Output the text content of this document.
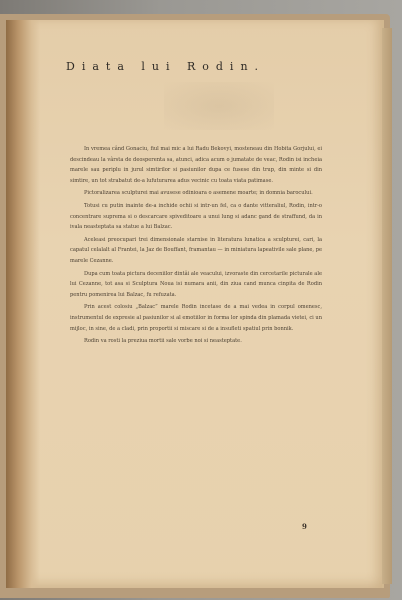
Diata lui Rodin.

In vremea când Gonaciu, fiul mai mic a lui Radu Bekovyi, mosteneau din Hobita Gorjului, ei descindeau la vârsta de deosperenta sa, atunci, adica acum o jumatate de veac, Rodin isi incheia marele sau periplu in jurul simtirilor si pasiunilor dupa ce fusese din trup, din minte si din simtire, un tot strabatut de-a lufuturarea adus vecinic cu toata viata patimase.

Pictoralizarea sculpturei mai avusese odinioara o asemene moarte; in domnia barocului.

Totusi cu putin inainte de-a inchide ochii si intr-un fel, ca o dante vitteraliul, Rodin, intr-o concentrare suprema si o descarcare spiveditoare a unui lung si adanc gand de straffund, da in ivala neasteptata sa statue a lui Balzac.

Aceleasi preocupari trei dimensionale starnise in literatura lunatica a sculpturei, cari, la capatul celalalt al Frantei, la Jaz de Bouffant, framantau — in miniatura lapeativile sale plane, pe marele Cezanne.

Dupa cum toata pictura deceniilor dintâi ale veacului, izvoraste din cercetarile picturale ale lui Cezanne, tot asa si Sculptura Noua isi numara anii, din ziua cand munca cinpita de Rodin pentru pomenirea lui Balzac, fu refuzata.

Prin acest colosiu „Balzac” marele Rodin incetase de a mai vedea in corpul omenesc, instrumentul de expresie al pasiunilor si al emotiilor in forma lor spinda din plamada vietei, ci un mijloc, in sine, de a cladi, prin proportii si miscare si de a insufleti spatiul prin bonnik.

Rodin va rosti la preziua mortii sale vorbe noi si neasteptate.

9
